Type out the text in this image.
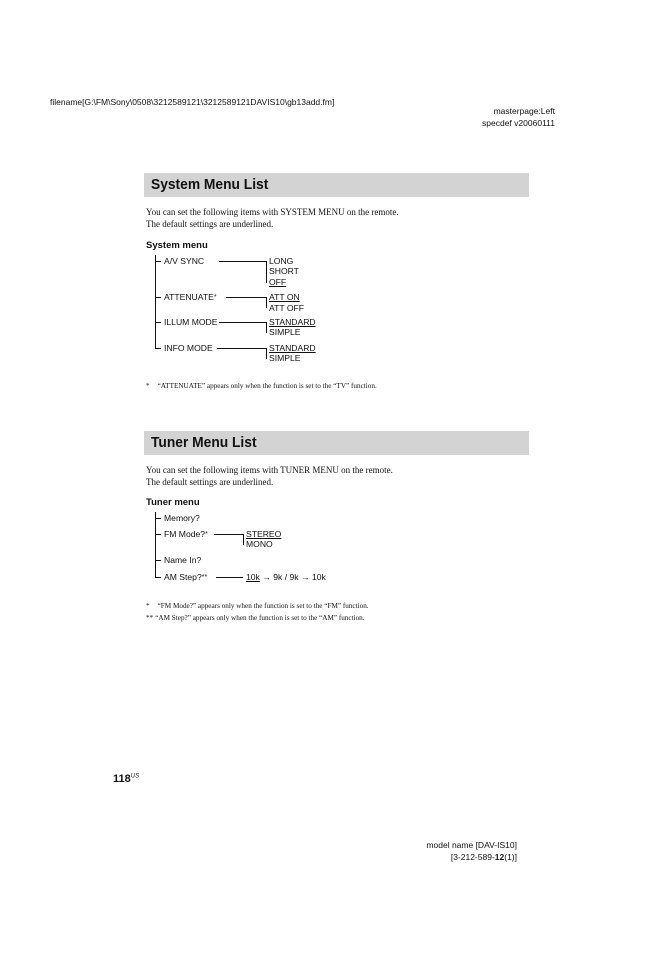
filename[G:\FM\Sony\0508\3212589121\3212589121DAVIS10\gb13add.fm]
masterpage:Left
specdef v20060111
System Menu List
You can set the following items with SYSTEM MENU on the remote.
The default settings are underlined.
System menu
A/V SYNC	LONG
SHORT
OFF
ATTENUATE*	ATT ON
ATT OFF
ILLUM MODE	STANDARD
SIMPLE
INFO MODE	STANDARD
SIMPLE
* “ATTENUATE” appears only when the function is set to the “TV” function.
Tuner Menu List
You can set the following items with TUNER MENU on the remote.
The default settings are underlined.
Tuner menu
Memory?
FM Mode?*	STEREO
MONO
Name In?
AM Step?**	10k → 9k / 9k → 10k
* “FM Mode?” appears only when the function is set to the “FM” function.
** “AM Step?” appears only when the function is set to the “AM” function.
$118^{US}$
model name [DAV-IS10]
[3-212-589-12(1)]
